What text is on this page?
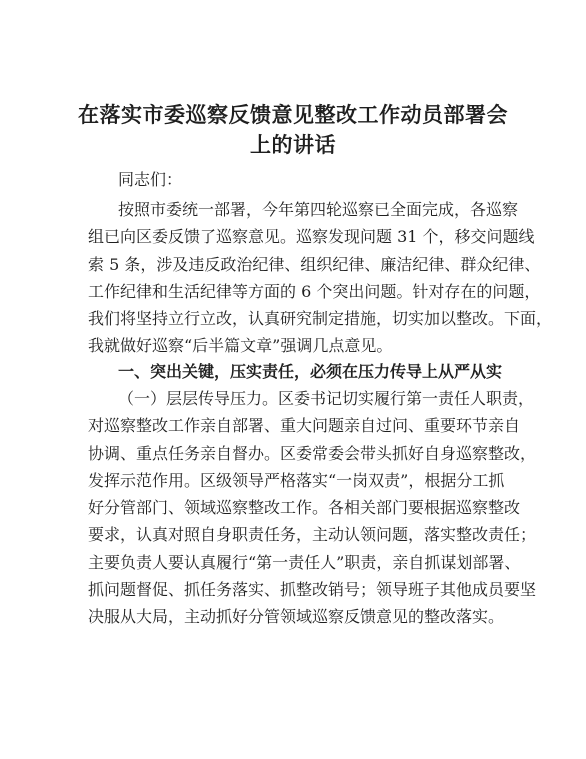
在落实市委巡察反馈意见整改工作动员部署会
上的讲话
同志们：
按照市委统一部署，今年第四轮巡察已全面完成，各巡察
组已向区委反馈了巡察意见。巡察发现问题 31 个，移交问题线
索 5 条，涉及违反政治纪律、组织纪律、廉洁纪律、群众纪律、
工作纪律和生活纪律等方面的 6 个突出问题。针对存在的问题，
我们将坚持立行立改，认真研究制定措施，切实加以整改。下面，
我就做好巡察“后半篇文章”强调几点意见。
一、突出关键，压实责任，必须在压力传导上从严从实
（一）层层传导压力。区委书记切实履行第一责任人职责，
对巡察整改工作亲自部署、重大问题亲自过问、重要环节亲自
协调、重点任务亲自督办。区委常委会带头抓好自身巡察整改，
发挥示范作用。区级领导严格落实“一岗双责”，根据分工抓
好分管部门、领域巡察整改工作。各相关部门要根据巡察整改
要求，认真对照自身职责任务，主动认领问题，落实整改责任；
主要负责人要认真履行“第一责任人”职责，亲自抓谋划部署、
抓问题督促、抓任务落实、抓整改销号；领导班子其他成员要坚
决服从大局，主动抓好分管领域巡察反馈意见的整改落实。
